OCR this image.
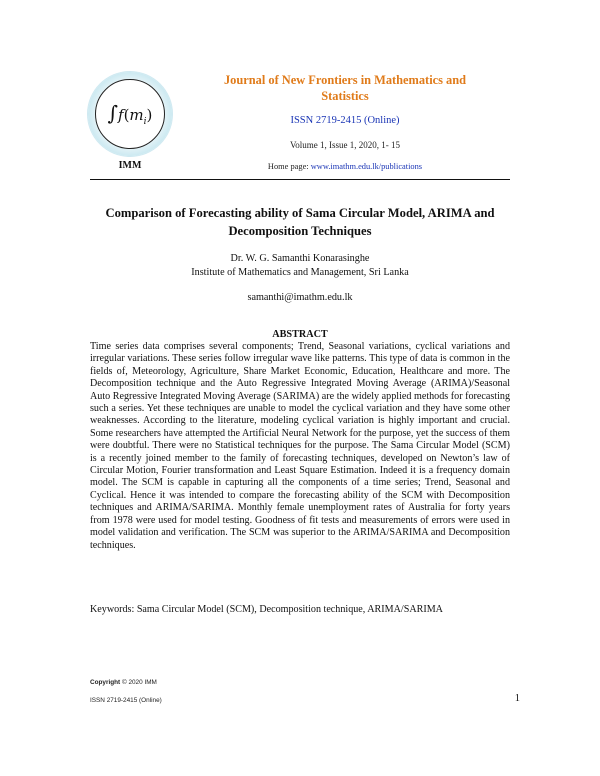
$\int f(m_i)$
IMM
Journal of New Frontiers in Mathematics and Statistics
ISSN 2719-2415 (Online)
Volume 1, Issue 1, 2020, 1- 15
Home page: www.imathm.edu.lk/publications
Comparison of Forecasting ability of Sama Circular Model, ARIMA and Decomposition Techniques
Dr. W. G. Samanthi Konarasinghe
Institute of Mathematics and Management, Sri Lanka
samanthi@imathm.edu.lk
ABSTRACT
Time series data comprises several components; Trend, Seasonal variations, cyclical variations and irregular variations. These series follow irregular wave like patterns. This type of data is common in the fields of, Meteorology, Agriculture, Share Market Economic, Education, Healthcare and more. The Decomposition technique and the Auto Regressive Integrated Moving Average (ARIMA)/Seasonal Auto Regressive Integrated Moving Average (SARIMA) are the widely applied methods for forecasting such a series. Yet these techniques are unable to model the cyclical variation and they have some other weaknesses. According to the literature, modeling cyclical variation is highly important and crucial. Some researchers have attempted the Artificial Neural Network for the purpose, yet the success of them were doubtful. There were no Statistical techniques for the purpose. The Sama Circular Model (SCM) is a recently joined member to the family of forecasting techniques, developed on Newton’s law of Circular Motion, Fourier transformation and Least Square Estimation. Indeed it is a frequency domain model. The SCM is capable in capturing all the components of a time series; Trend, Seasonal and Cyclical. Hence it was intended to compare the forecasting ability of the SCM with Decomposition techniques and ARIMA/SARIMA. Monthly female unemployment rates of Australia for forty years from 1978 were used for model testing. Goodness of fit tests and measurements of errors were used in model validation and verification. The SCM was superior to the ARIMA/SARIMA and Decomposition techniques.
Keywords: Sama Circular Model (SCM), Decomposition technique, ARIMA/SARIMA
Copyright © 2020 IMM
ISSN 2719-2415 (Online)	1
